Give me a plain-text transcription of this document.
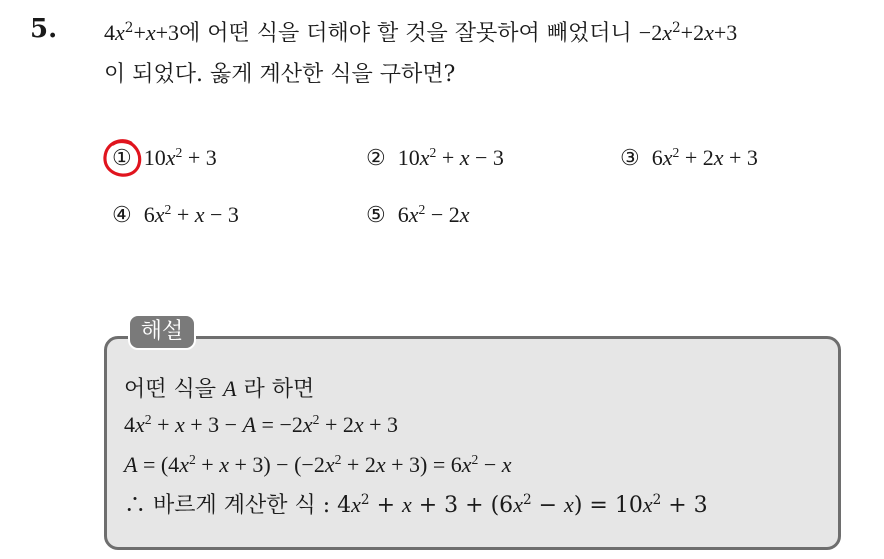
5. $4x^2+x+3$에 어떤 식을 더해야 할 것을 잘못하여 빼었더니 $-2x^2+2x+3$
이 되었다. 옳게 계산한 식을 구하면?
① $10x^2 + 3$	② $10x^2 + x - 3$	③ $6x^2 + 2x + 3$
④ $6x^2 + x - 3$	⑤ $6x^2 - 2x$
해설
어떤 식을 A 라 하면
$4x^2 + x + 3 - A = -2x^2 + 2x + 3$
$A = (4x^2 + x + 3) - (-2x^2 + 2x + 3) = 6x^2 - x$
∴ 바르게 계산한 식 : $4x^2 + x + 3 + (6x^2 - x) = 10x^2 + 3$
